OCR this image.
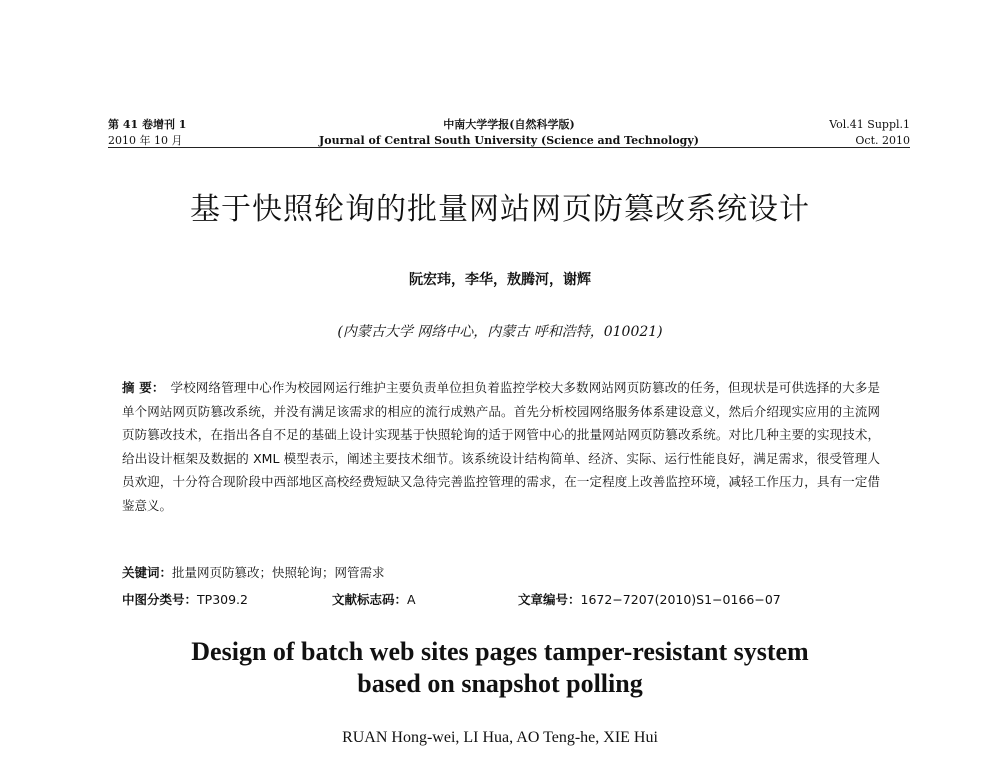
第 41 卷增刊 1	中南大学学报(自然科学版)	Vol.41 Suppl.1
2010 年 10 月	Journal of Central South University (Science and Technology)	Oct. 2010
基于快照轮询的批量网站网页防篡改系统设计
阮宏玮，李华，敖腾河，谢辉
(内蒙古大学 网络中心，内蒙古 呼和浩特，010021)
摘 要： 学校网络管理中心作为校园网运行维护主要负责单位担负着监控学校大多数网站网页防篡改的任务，但现状是可供选择的大多是单个网站网页防篡改系统，并没有满足该需求的相应的流行成熟产品。首先分析校园网络服务体系建设意义，然后介绍现实应用的主流网页防篡改技术，在指出各自不足的基础上设计实现基于快照轮询的适于网管中心的批量网站网页防篡改系统。对比几种主要的实现技术，给出设计框架及数据的 XML 模型表示，阐述主要技术细节。该系统设计结构简单、经济、实际、运行性能良好，满足需求，很受管理人员欢迎，十分符合现阶段中西部地区高校经费短缺又急待完善监控管理的需求，在一定程度上改善监控环境，减轻工作压力，具有一定借鉴意义。
关键词：批量网页防篡改；快照轮询；网管需求
中图分类号：TP309.2	文献标志码：A	文章编号：1672−7207(2010)S1−0166−07
Design of batch web sites pages tamper-resistant system
based on snapshot polling
RUAN Hong-wei, LI Hua, AO Teng-he, XIE Hui
